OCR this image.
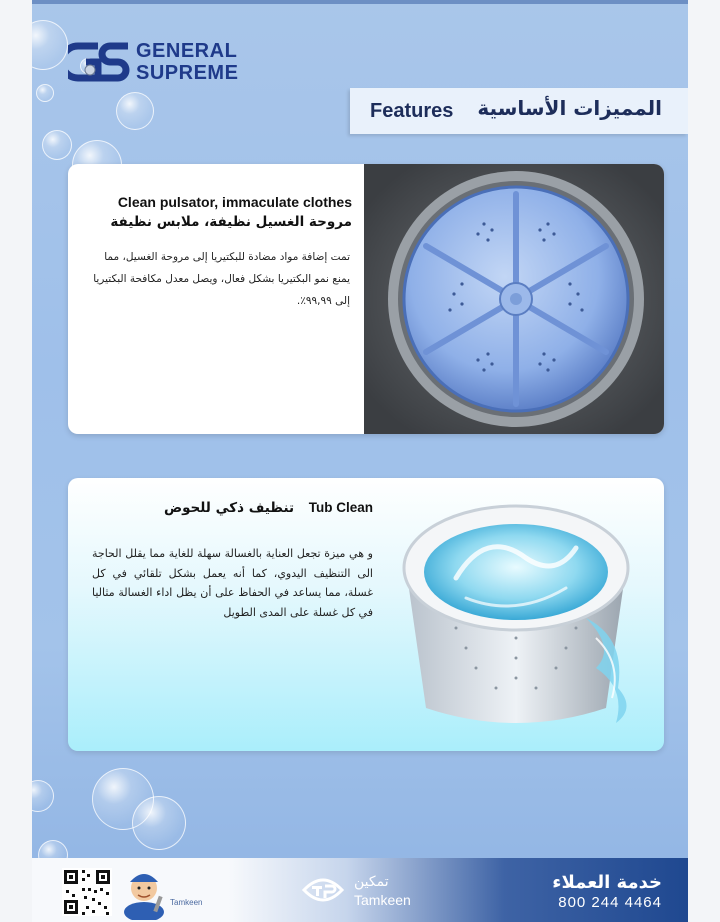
GENERAL
SUPREME
Features المميزات الأساسية
Clean pulsator, immaculate clothes
مروحة الغسيل نظيفة، ملابس نظيفة
تمت إضافة مواد مضادة للبكتيريا إلى مروحة الغسيل، مما يمنع نمو البكتيريا بشكل فعال، ويصل معدل مكافحة البكتيريا إلى ٩٩,٩٩٪.
تنظيف ذكي للحوض Tub Clean
و هي ميزة تجعل العناية بالغسالة سهلة للغاية مما يقلل الحاجة الى التنظيف اليدوي، كما أنه يعمل بشكل تلقائي في كل غسلة، مما يساعد في الحفاظ على أن يظل اداء الغسالة مثاليا في كل غسلة على المدى الطويل
Tamkeen
تمكين
Tamkeen
خدمة العملاء
800 244 4464
